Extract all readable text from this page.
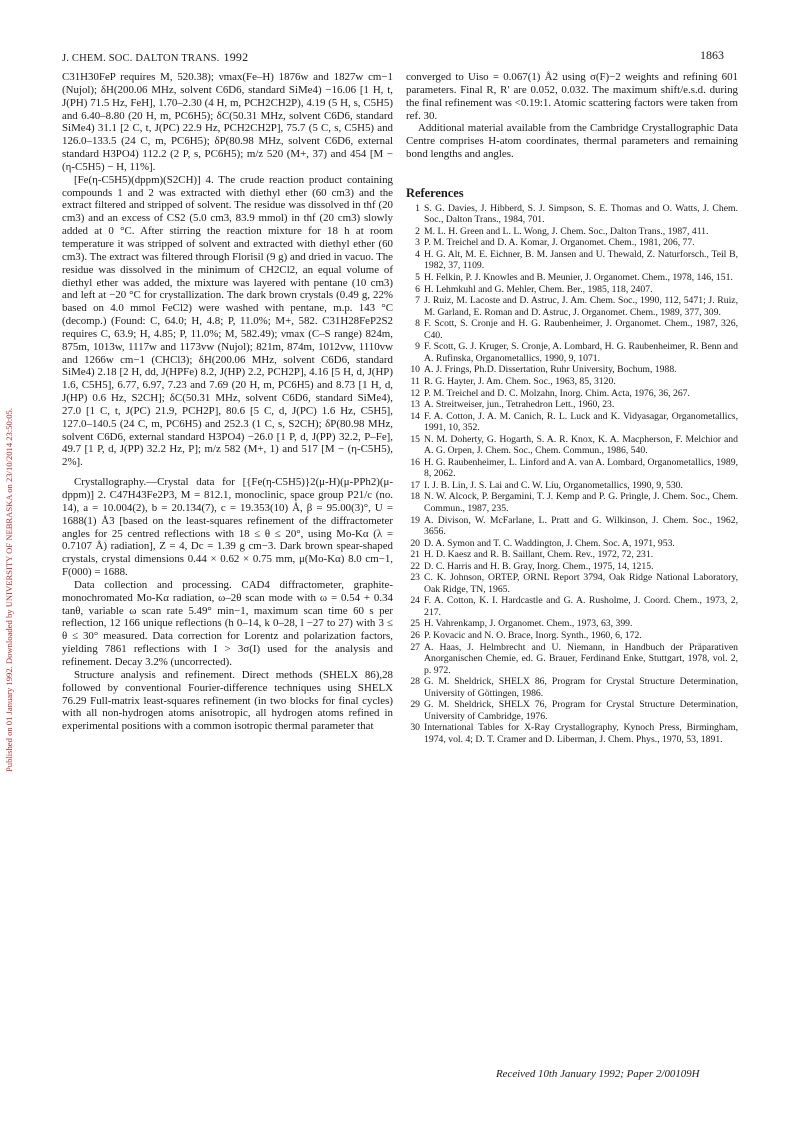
Published on 01 January 1992. Downloaded by UNIVERSITY OF NEBRASKA on 23/10/2014 23:50:05.
J. CHEM. SOC. DALTON TRANS. 1992	1863

C31H30FeP requires M, 520.38); νmax(Fe–H) 1876w and 1827w cm−1 (Nujol); δH(200.06 MHz, solvent C6D6, standard SiMe4) −16.06 [1 H, t, J(PH) 71.5 Hz, FeH], 1.70–2.30 (4 H, m, PCH2CH2P), 4.19 (5 H, s, C5H5) and 6.40–8.80 (20 H, m, PC6H5); δC(50.31 MHz, solvent C6D6, standard SiMe4) 31.1 [2 C, t, J(PC) 22.9 Hz, PCH2CH2P], 75.7 (5 C, s, C5H5) and 126.0–133.5 (24 C, m, PC6H5); δP(80.98 MHz, solvent C6D6, external standard H3PO4) 112.2 (2 P, s, PC6H5); m/z 520 (M+, 37) and 454 [M − (η-C5H5) − H, 11%].

[Fe(η-C5H5)(dppm)(S2CH)] 4. The crude reaction product containing compounds 1 and 2 was extracted with diethyl ether (60 cm3) and the extract filtered and stripped of solvent. The residue was dissolved in thf (20 cm3) and an excess of CS2 (5.0 cm3, 83.9 mmol) in thf (20 cm3) slowly added at 0 °C. After stirring the reaction mixture for 18 h at room temperature it was stripped of solvent and extracted with diethyl ether (60 cm3). The extract was filtered through Florisil (9 g) and dried in vacuo. The residue was dissolved in the minimum of CH2Cl2, an equal volume of diethyl ether was added, the mixture was layered with pentane (10 cm3) and left at −20 °C for crystallization. The dark brown crystals (0.49 g, 22% based on 4.0 mmol FeCl2) were washed with pentane, m.p. 143 °C (decomp.) (Found: C, 64.0; H, 4.8; P, 11.0%; M+, 582. C31H28FeP2S2 requires C, 63.9; H, 4.85; P, 11.0%; M, 582.49); νmax (C–S range) 824m, 875m, 1013w, 1117w and 1173vw (Nujol); 821m, 874m, 1012vw, 1110vw and 1266w cm−1 (CHCl3); δH(200.06 MHz, solvent C6D6, standard SiMe4) 2.18 [2 H, dd, J(HPFe) 8.2, J(HP) 2.2, PCH2P], 4.16 [5 H, d, J(HP) 1.6, C5H5], 6.77, 6.97, 7.23 and 7.69 (20 H, m, PC6H5) and 8.73 [1 H, d, J(HP) 0.6 Hz, S2CH]; δC(50.31 MHz, solvent C6D6, standard SiMe4), 27.0 [1 C, t, J(PC) 21.9, PCH2P], 80.6 [5 C, d, J(PC) 1.6 Hz, C5H5], 127.0–140.5 (24 C, m, PC6H5) and 252.3 (1 C, s, S2CH); δP(80.98 MHz, solvent C6D6, external standard H3PO4) −26.0 [1 P, d, J(PP) 32.2, P–Fe], 49.7 [1 P, d, J(PP) 32.2 Hz, P]; m/z 582 (M+, 1) and 517 [M − (η-C5H5), 2%].

Crystallography.—Crystal data for [{Fe(η-C5H5)}2(μ-H)(μ-PPh2)(μ-dppm)] 2. C47H43Fe2P3, M = 812.1, monoclinic, space group P21/c (no. 14), a = 10.004(2), b = 20.134(7), c = 19.353(10) Å, β = 95.00(3)°, U = 1688(1) Å3 [based on the least-squares refinement of the diffractometer angles for 25 centred reflections with 18 ≤ θ ≤ 20°, using Mo-Kα (λ = 0.7107 Å) radiation], Z = 4, Dc = 1.39 g cm−3. Dark brown spear-shaped crystals, crystal dimensions 0.44 × 0.62 × 0.75 mm, μ(Mo-Kα) 8.0 cm−1, F(000) = 1688.

Data collection and processing. CAD4 diffractometer, graphite-monochromated Mo-Kα radiation, ω–2θ scan mode with ω = 0.54 + 0.34 tanθ, variable ω scan rate 5.49° min−1, maximum scan time 60 s per reflection, 12 166 unique reflections (h 0–14, k 0–28, l −27 to 27) with 3 ≤ θ ≤ 30° measured. Data correction for Lorentz and polarization factors, yielding 7861 reflections with I > 3σ(I) used for the analysis and refinement. Decay 3.2% (uncorrected).

Structure analysis and refinement. Direct methods (SHELX 86),28 followed by conventional Fourier-difference techniques using SHELX 76.29 Full-matrix least-squares refinement (in two blocks for final cycles) with all non-hydrogen atoms anisotropic, all hydrogen atoms refined in experimental positions with a common isotropic thermal parameter that

converged to Uiso = 0.067(1) Å2 using σ(F)−2 weights and refining 601 parameters. Final R, R′ are 0.052, 0.032. The maximum shift/e.s.d. during the final refinement was <0.19:1. Atomic scattering factors were taken from ref. 30.

Additional material available from the Cambridge Crystallographic Data Centre comprises H-atom coordinates, thermal parameters and remaining bond lengths and angles.

References
1 S. G. Davies, J. Hibberd, S. J. Simpson, S. E. Thomas and O. Watts, J. Chem. Soc., Dalton Trans., 1984, 701.
2 M. L. H. Green and L. L. Wong, J. Chem. Soc., Dalton Trans., 1987, 411.
3 P. M. Treichel and D. A. Komar, J. Organomet. Chem., 1981, 206, 77.
4 H. G. Alt, M. E. Eichner, B. M. Jansen and U. Thewald, Z. Naturforsch., Teil B, 1982, 37, 1109.
5 H. Felkin, P. J. Knowles and B. Meunier, J. Organomet. Chem., 1978, 146, 151.
6 H. Lehmkuhl and G. Mehler, Chem. Ber., 1985, 118, 2407.
7 J. Ruiz, M. Lacoste and D. Astruc, J. Am. Chem. Soc., 1990, 112, 5471; J. Ruiz, M. Garland, E. Roman and D. Astruc, J. Organomet. Chem., 1989, 377, 309.
8 F. Scott, S. Cronje and H. G. Raubenheimer, J. Organomet. Chem., 1987, 326, C40.
9 F. Scott, G. J. Kruger, S. Cronje, A. Lombard, H. G. Raubenheimer, R. Benn and A. Rufinska, Organometallics, 1990, 9, 1071.
10 A. J. Frings, Ph.D. Dissertation, Ruhr University, Bochum, 1988.
11 R. G. Hayter, J. Am. Chem. Soc., 1963, 85, 3120.
12 P. M. Treichel and D. C. Molzahn, Inorg. Chim. Acta, 1976, 36, 267.
13 A. Streitweiser, jun., Tetrahedron Lett., 1960, 23.
14 F. A. Cotton, J. A. M. Canich, R. L. Luck and K. Vidyasagar, Organometallics, 1991, 10, 352.
15 N. M. Doherty, G. Hogarth, S. A. R. Knox, K. A. Macpherson, F. Melchior and A. G. Orpen, J. Chem. Soc., Chem. Commun., 1986, 540.
16 H. G. Raubenheimer, L. Linford and A. van A. Lombard, Organometallics, 1989, 8, 2062.
17 I. J. B. Lin, J. S. Lai and C. W. Liu, Organometallics, 1990, 9, 530.
18 N. W. Alcock, P. Bergamini, T. J. Kemp and P. G. Pringle, J. Chem. Soc., Chem. Commun., 1987, 235.
19 A. Divison, W. McFarlane, L. Pratt and G. Wilkinson, J. Chem. Soc., 1962, 3656.
20 D. A. Symon and T. C. Waddington, J. Chem. Soc. A, 1971, 953.
21 H. D. Kaesz and R. B. Saillant, Chem. Rev., 1972, 72, 231.
22 D. C. Harris and H. B. Gray, Inorg. Chem., 1975, 14, 1215.
23 C. K. Johnson, ORTEP, ORNL Report 3794, Oak Ridge National Laboratory, Oak Ridge, TN, 1965.
24 F. A. Cotton, K. I. Hardcastle and G. A. Rusholme, J. Coord. Chem., 1973, 2, 217.
25 H. Vahrenkamp, J. Organomet. Chem., 1973, 63, 399.
26 P. Kovacic and N. O. Brace, Inorg. Synth., 1960, 6, 172.
27 A. Haas, J. Helmbrecht and U. Niemann, in Handbuch der Präparativen Anorganischen Chemie, ed. G. Brauer, Ferdinand Enke, Stuttgart, 1978, vol. 2, p. 972.
28 G. M. Sheldrick, SHELX 86, Program for Crystal Structure Determination, University of Göttingen, 1986.
29 G. M. Sheldrick, SHELX 76, Program for Crystal Structure Determination, University of Cambridge, 1976.
30 International Tables for X-Ray Crystallography, Kynoch Press, Birmingham, 1974, vol. 4; D. T. Cramer and D. Liberman, J. Chem. Phys., 1970, 53, 1891.
Received 10th January 1992; Paper 2/00109H
